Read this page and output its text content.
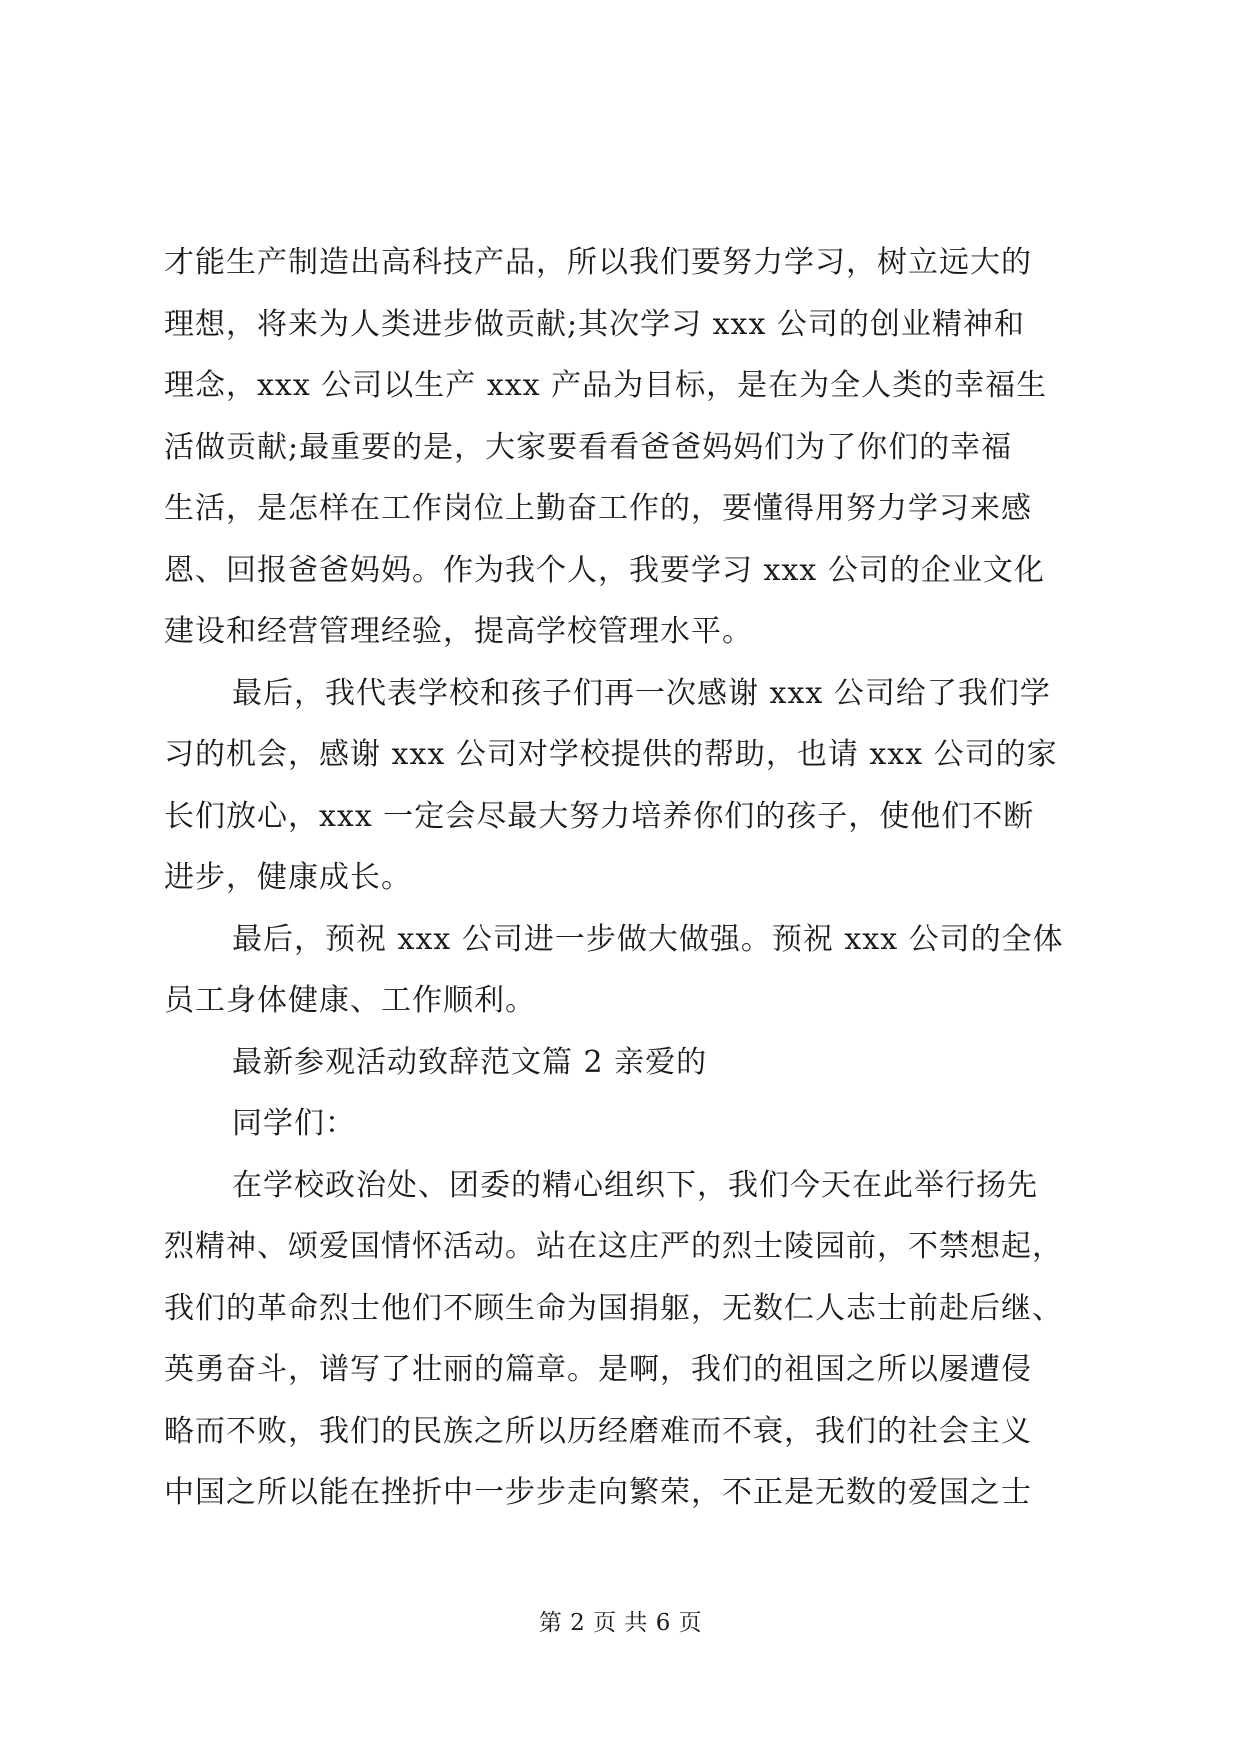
才能生产制造出高科技产品，所以我们要努力学习，树立远大的
理想，将来为人类进步做贡献;其次学习 xxx 公司的创业精神和
理念，xxx 公司以生产 xxx 产品为目标，是在为全人类的幸福生
活做贡献;最重要的是，大家要看看爸爸妈妈们为了你们的幸福
生活，是怎样在工作岗位上勤奋工作的，要懂得用努力学习来感
恩、回报爸爸妈妈。作为我个人，我要学习 xxx 公司的企业文化
建设和经营管理经验，提高学校管理水平。
最后，我代表学校和孩子们再一次感谢 xxx 公司给了我们学
习的机会，感谢 xxx 公司对学校提供的帮助，也请 xxx 公司的家
长们放心，xxx 一定会尽最大努力培养你们的孩子，使他们不断
进步，健康成长。
最后，预祝 xxx 公司进一步做大做强。预祝 xxx 公司的全体
员工身体健康、工作顺利。
最新参观活动致辞范文篇 2 亲爱的
同学们：
在学校政治处、团委的精心组织下，我们今天在此举行扬先
烈精神、颂爱国情怀活动。站在这庄严的烈士陵园前，不禁想起，
我们的革命烈士他们不顾生命为国捐躯，无数仁人志士前赴后继、
英勇奋斗，谱写了壮丽的篇章。是啊，我们的祖国之所以屡遭侵
略而不败，我们的民族之所以历经磨难而不衰，我们的社会主义
中国之所以能在挫折中一步步走向繁荣，不正是无数的爱国之士
第 2 页 共 6 页
